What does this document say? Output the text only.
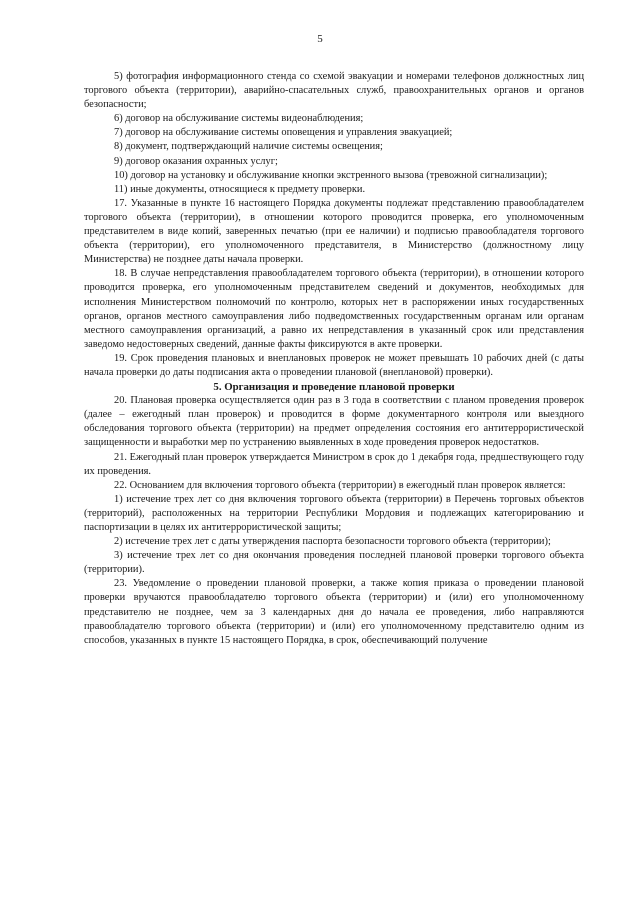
5

5) фотография информационного стенда со схемой эвакуации и номерами телефонов должностных лиц торгового объекта (территории), аварийно-спасательных служб, правоохранительных органов и органов безопасности;

6) договор на обслуживание системы видеонаблюдения;

7) договор на обслуживание системы оповещения и управления эвакуацией;

8) документ, подтверждающий наличие системы освещения;

9) договор оказания охранных услуг;

10) договор на установку и обслуживание кнопки экстренного вызова (тревожной сигнализации);

11) иные документы, относящиеся к предмету проверки.

17. Указанные в пункте 16 настоящего Порядка документы подлежат представлению правообладателем торгового объекта (территории), в отношении которого проводится проверка, его уполномоченным представителем в виде копий, заверенных печатью (при ее наличии) и подписью правообладателя торгового объекта (территории), его уполномоченного представителя, в Министерство (должностному лицу Министерства) не позднее даты начала проверки.

18. В случае непредставления правообладателем торгового объекта (территории), в отношении которого проводится проверка, его уполномоченным представителем сведений и документов, необходимых для исполнения Министерством полномочий по контролю, которых нет в распоряжении иных государственных органов, органов местного самоуправления либо подведомственных государственным органам или органам местного самоуправления организаций, а равно их непредставления в указанный срок или представления заведомо недостоверных сведений, данные факты фиксируются в акте проверки.

19. Срок проведения плановых и внеплановых проверок не может превышать 10 рабочих дней (с даты начала проверки до даты подписания акта о проведении плановой (внеплановой) проверки).

5. Организация и проведение плановой проверки

20. Плановая проверка осуществляется один раз в 3 года в соответствии с планом проведения проверок (далее – ежегодный план проверок) и проводится в форме документарного контроля или выездного обследования торгового объекта (территории) на предмет определения состояния его антитеррористической защищенности и выработки мер по устранению выявленных в ходе проведения проверок недостатков.

21. Ежегодный план проверок утверждается Министром в срок до 1 декабря года, предшествующего году их проведения.

22. Основанием для включения торгового объекта (территории) в ежегодный план проверок является:

1) истечение трех лет со дня включения торгового объекта (территории) в Перечень торговых объектов (территорий), расположенных на территории Республики Мордовия и подлежащих категорированию и паспортизации в целях их антитеррористической защиты;

2) истечение трех лет с даты утверждения паспорта безопасности торгового объекта (территории);

3) истечение трех лет со дня окончания проведения последней плановой проверки торгового объекта (территории).

23. Уведомление о проведении плановой проверки, а также копия приказа о проведении плановой проверки вручаются правообладателю торгового объекта (территории) и (или) его уполномоченному представителю не позднее, чем за 3 календарных дня до начала ее проведения, либо направляются правообладателю торгового объекта (территории) и (или) его уполномоченному представителю одним из способов, указанных в пункте 15 настоящего Порядка, в срок, обеспечивающий получение
